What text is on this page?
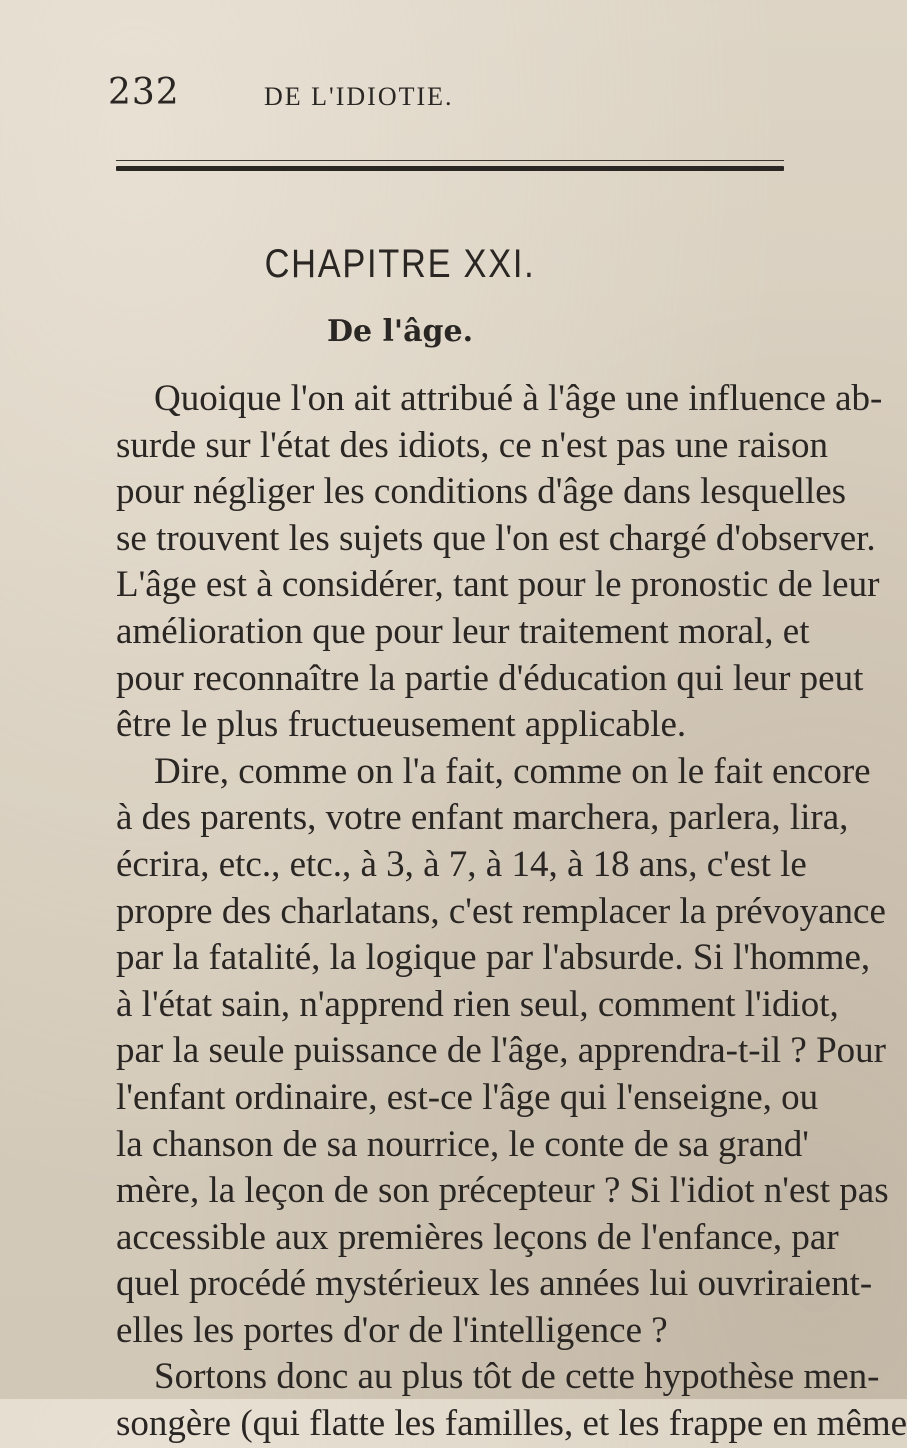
232	DE L'IDIOTIE.
CHAPITRE XXI.
De l'âge.
Quoique l'on ait attribué à l'âge une influence ab-
surde sur l'état des idiots, ce n'est pas une raison
pour négliger les conditions d'âge dans lesquelles
se trouvent les sujets que l'on est chargé d'observer.
L'âge est à considérer, tant pour le pronostic de leur
amélioration que pour leur traitement moral, et
pour reconnaître la partie d'éducation qui leur peut
être le plus fructueusement applicable.
Dire, comme on l'a fait, comme on le fait encore
à des parents, votre enfant marchera, parlera, lira,
écrira, etc., etc., à 3, à 7, à 14, à 18 ans, c'est le
propre des charlatans, c'est remplacer la prévoyance
par la fatalité, la logique par l'absurde. Si l'homme,
à l'état sain, n'apprend rien seul, comment l'idiot,
par la seule puissance de l'âge, apprendra-t-il ? Pour
l'enfant ordinaire, est-ce l'âge qui l'enseigne, ou
la chanson de sa nourrice, le conte de sa grand'
mère, la leçon de son précepteur ? Si l'idiot n'est pas
accessible aux premières leçons de l'enfance, par
quel procédé mystérieux les années lui ouvriraient-
elles les portes d'or de l'intelligence ?
Sortons donc au plus tôt de cette hypothèse men-
songère (qui flatte les familles, et les frappe en même
